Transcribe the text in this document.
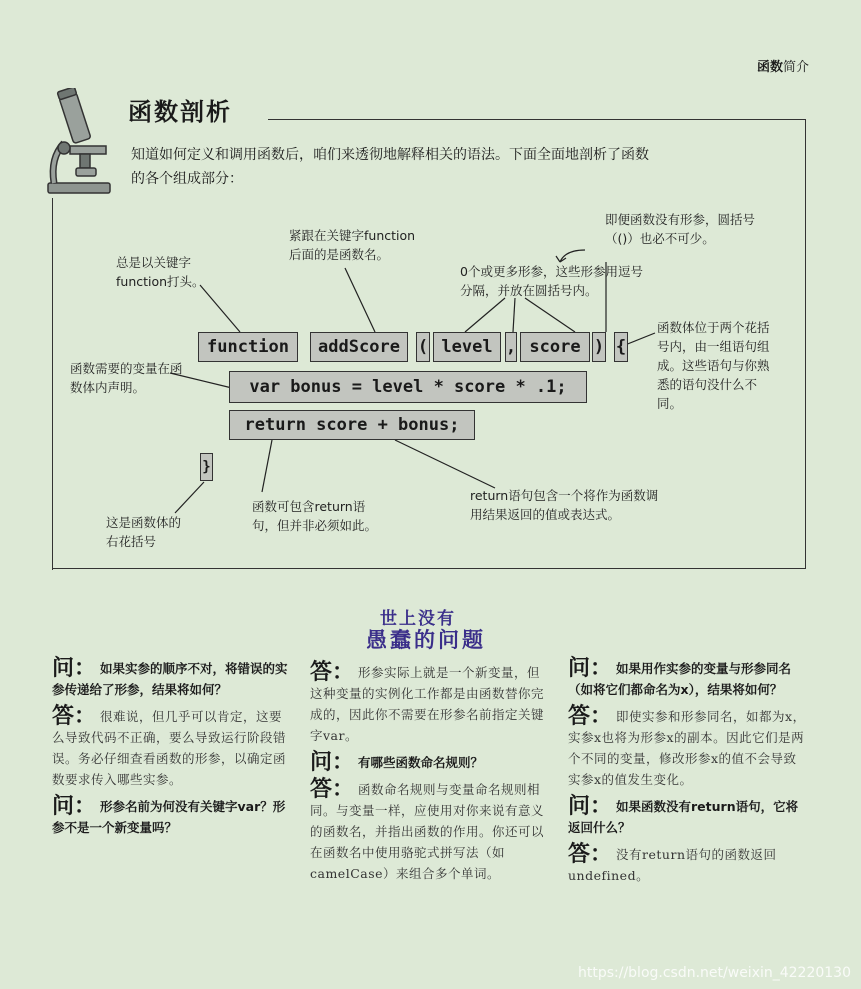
函数简介
函数剖析
知道如何定义和调用函数后，咱们来透彻地解释相关的语法。下面全面地剖析了函数的各个组成部分：
function	addScore	( level , score ) {
var bonus = level * score * .1;
return score + bonus;
}
总是以关键字function打头。
紧跟在关键字function后面的是函数名。
即便函数没有形参，圆括号（()）也必不可少。
0个或更多形参，这些形参用逗号分隔，并放在圆括号内。
函数体位于两个花括号内，由一组语句组成。这些语句与你熟悉的语句没什么不同。
函数需要的变量在函数体内声明。
这是函数体的右花括号
函数可包含return语句，但并非必须如此。
return语句包含一个将作为函数调用结果返回的值或表达式。
世上没有
愚蠢的问题
问： 如果实参的顺序不对，将错误的实参传递给了形参，结果将如何？
答： 很难说，但几乎可以肯定，这要么导致代码不正确，要么导致运行阶段错误。务必仔细查看函数的形参，以确定函数要求传入哪些实参。
问： 形参名前为何没有关键字var？形参不是一个新变量吗？
答： 形参实际上就是一个新变量，但这种变量的实例化工作都是由函数替你完成的，因此你不需要在形参名前指定关键字var。
问： 有哪些函数命名规则？
答： 函数命名规则与变量命名规则相同。与变量一样，应使用对你来说有意义的函数名，并指出函数的作用。你还可以在函数名中使用骆驼式拼写法（如camelCase）来组合多个单词。
问： 如果用作实参的变量与形参同名（如将它们都命名为x），结果将如何？
答： 即使实参和形参同名，如都为x，实参x也将为形参x的副本。因此它们是两个不同的变量，修改形参x的值不会导致实参x的值发生变化。
问： 如果函数没有return语句，它将返回什么？
答： 没有return语句的函数返回undefined。
https://blog.csdn.net/weixin_42220130
